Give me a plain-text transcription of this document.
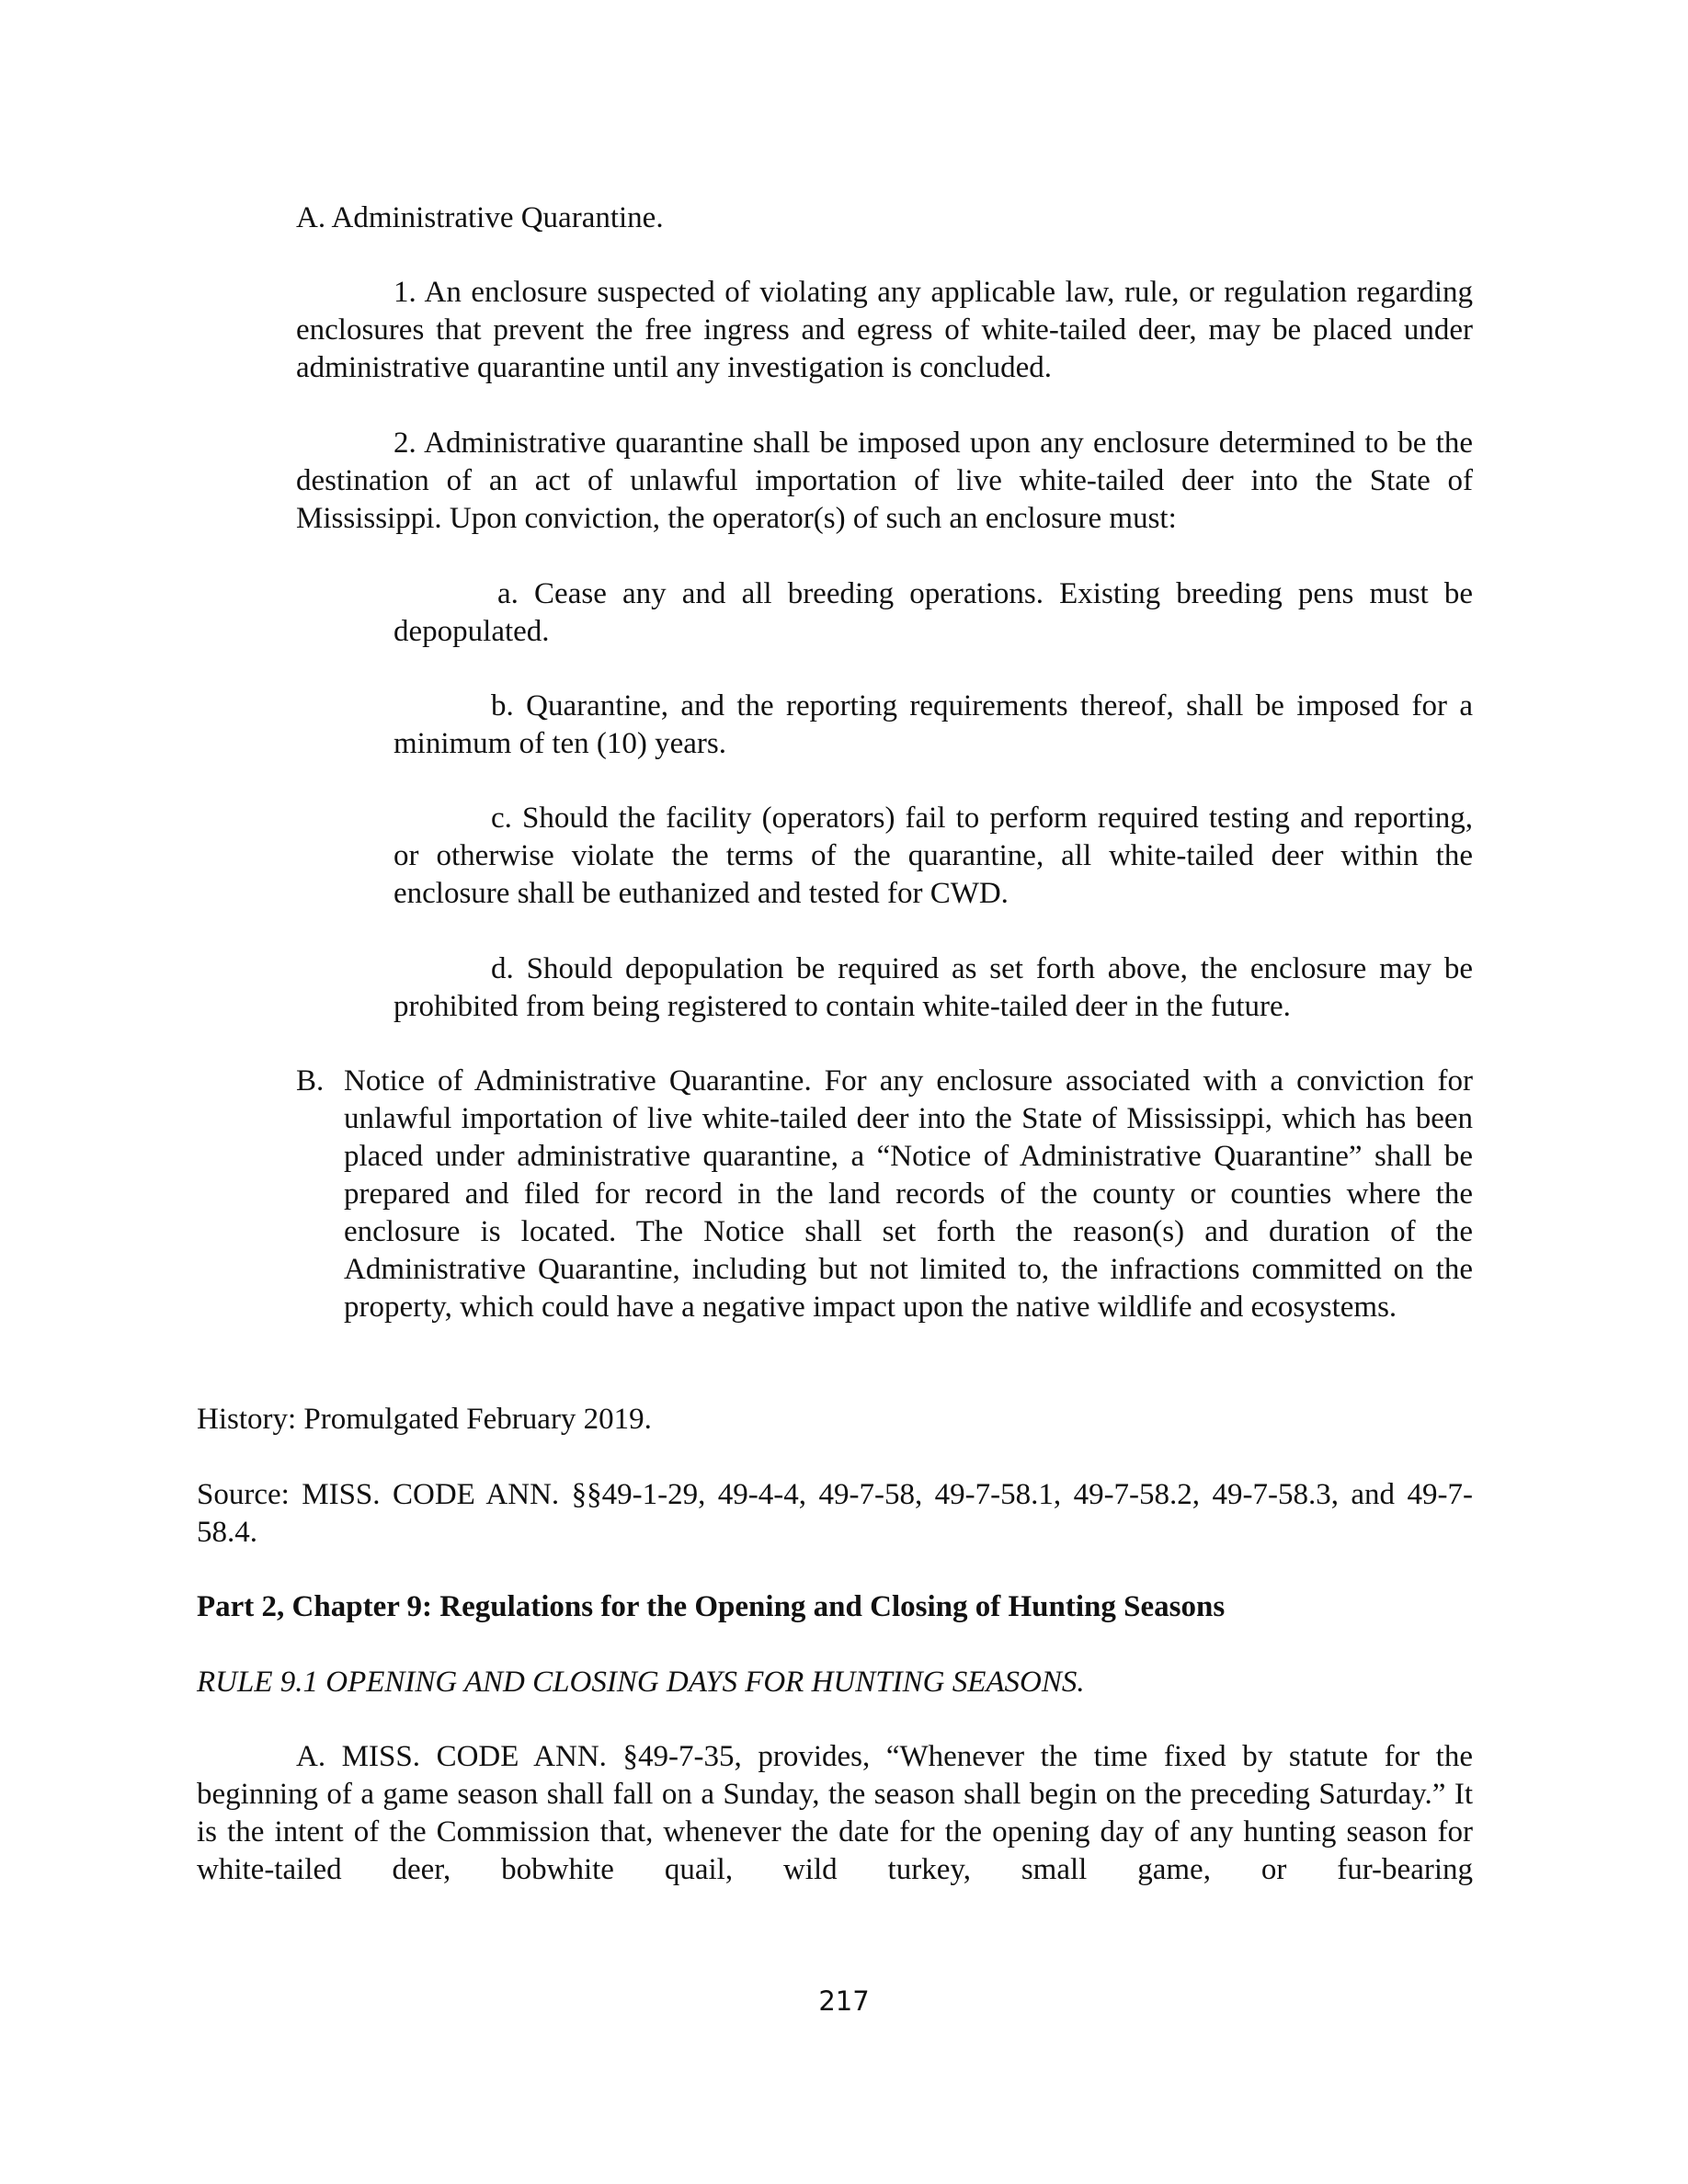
A. Administrative Quarantine.

1. An enclosure suspected of violating any applicable law, rule, or regulation regarding enclosures that prevent the free ingress and egress of white-tailed deer, may be placed under administrative quarantine until any investigation is concluded.

2. Administrative quarantine shall be imposed upon any enclosure determined to be the destination of an act of unlawful importation of live white-tailed deer into the State of Mississippi. Upon conviction, the operator(s) of such an enclosure must:

a. Cease any and all breeding operations. Existing breeding pens must be depopulated.

b. Quarantine, and the reporting requirements thereof, shall be imposed for a minimum of ten (10) years.

c. Should the facility (operators) fail to perform required testing and reporting, or otherwise violate the terms of the quarantine, all white-tailed deer within the enclosure shall be euthanized and tested for CWD.

d. Should depopulation be required as set forth above, the enclosure may be prohibited from being registered to contain white-tailed deer in the future.

B. Notice of Administrative Quarantine. For any enclosure associated with a conviction for unlawful importation of live white-tailed deer into the State of Mississippi, which has been placed under administrative quarantine, a “Notice of Administrative Quarantine” shall be prepared and filed for record in the land records of the county or counties where the enclosure is located. The Notice shall set forth the reason(s) and duration of the Administrative Quarantine, including but not limited to, the infractions committed on the property, which could have a negative impact upon the native wildlife and ecosystems.

History: Promulgated February 2019.

Source: MISS. CODE ANN. §§49-1-29, 49-4-4, 49-7-58, 49-7-58.1, 49-7-58.2, 49-7-58.3, and 49-7-58.4.

Part 2, Chapter 9: Regulations for the Opening and Closing of Hunting Seasons

RULE 9.1 OPENING AND CLOSING DAYS FOR HUNTING SEASONS.

A. MISS. CODE ANN. §49-7-35, provides, “Whenever the time fixed by statute for the beginning of a game season shall fall on a Sunday, the season shall begin on the preceding Saturday.” It is the intent of the Commission that, whenever the date for the opening day of any hunting season for white-tailed deer, bobwhite quail, wild turkey, small game, or fur-bearing

217
